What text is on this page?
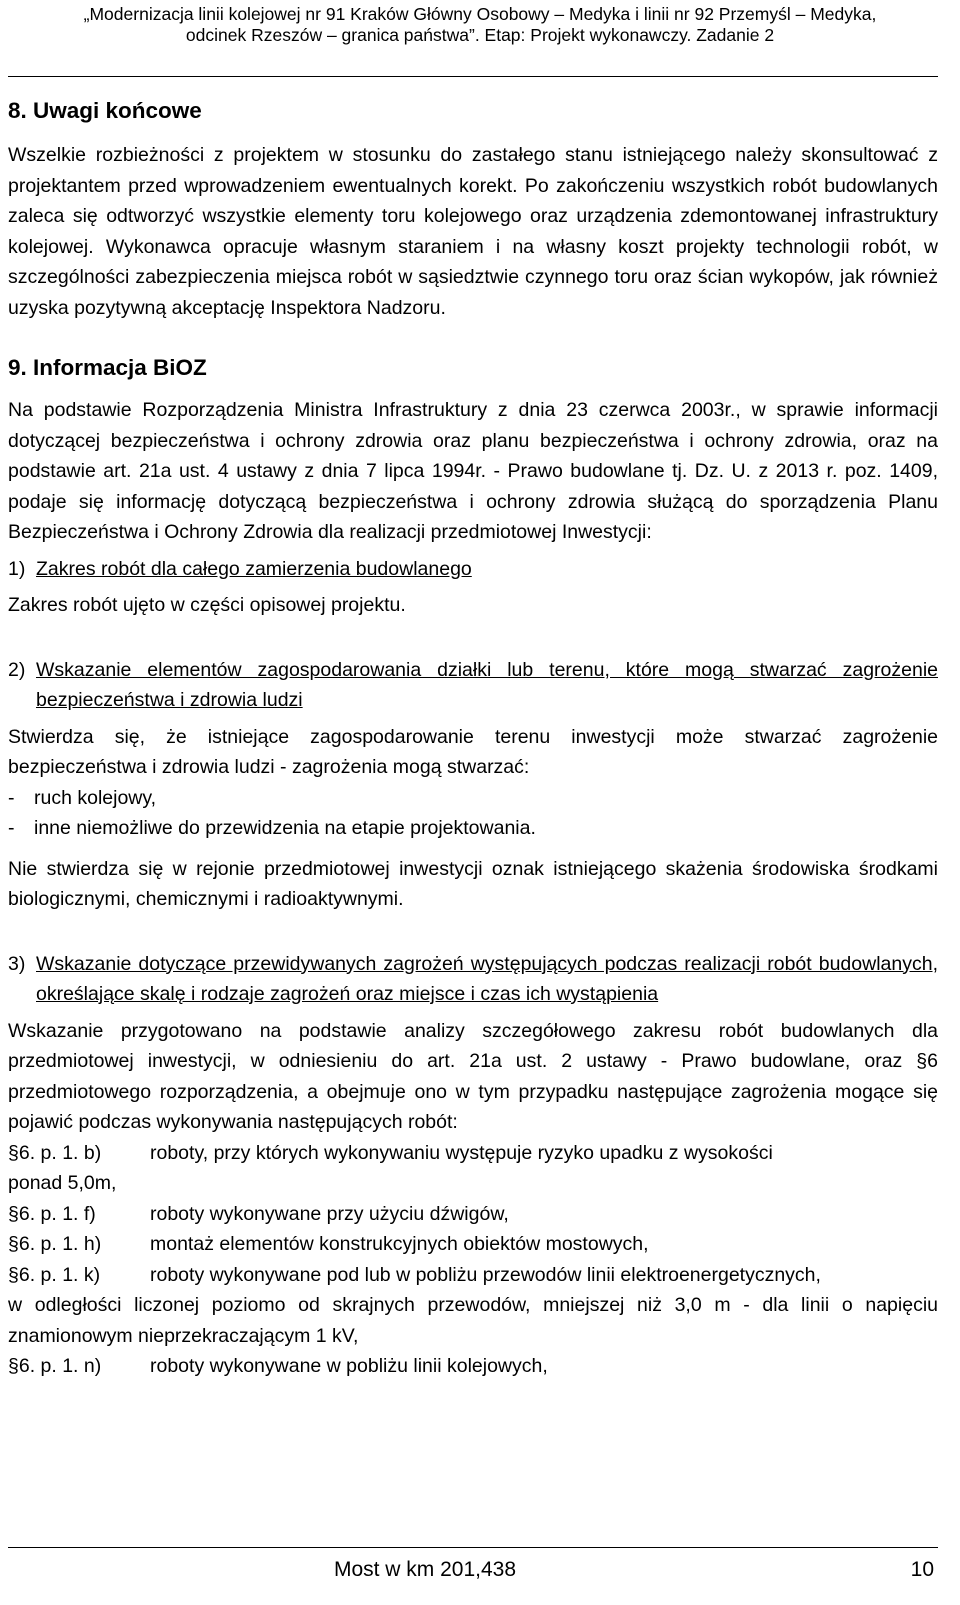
„Modernizacja linii kolejowej nr 91 Kraków Główny Osobowy – Medyka i linii nr 92 Przemyśl – Medyka,
odcinek Rzeszów – granica państwa”. Etap: Projekt wykonawczy. Zadanie 2
8. Uwagi końcowe

Wszelkie rozbieżności z projektem w stosunku do zastałego stanu istniejącego należy skonsultować z projektantem przed wprowadzeniem ewentualnych korekt. Po zakończeniu wszystkich robót budowlanych zaleca się odtworzyć wszystkie elementy toru kolejowego oraz urządzenia zdemontowanej infrastruktury kolejowej. Wykonawca opracuje własnym staraniem i na własny koszt projekty technologii robót, w szczególności zabezpieczenia miejsca robót w sąsiedztwie czynnego toru oraz ścian wykopów, jak również uzyska pozytywną akceptację Inspektora Nadzoru.

9. Informacja BiOZ

Na podstawie Rozporządzenia Ministra Infrastruktury z dnia 23 czerwca 2003r., w sprawie informacji dotyczącej bezpieczeństwa i ochrony zdrowia oraz planu bezpieczeństwa i ochrony zdrowia, oraz na podstawie art. 21a ust. 4 ustawy z dnia 7 lipca 1994r. - Prawo budowlane tj. Dz. U. z 2013 r. poz. 1409, podaje się informację dotyczącą bezpieczeństwa i ochrony zdrowia służącą do sporządzenia Planu Bezpieczeństwa i Ochrony Zdrowia dla realizacji przedmiotowej Inwestycji:

1) Zakres robót dla całego zamierzenia budowlanego

Zakres robót ujęto w części opisowej projektu.

2) Wskazanie elementów zagospodarowania działki lub terenu, które mogą stwarzać zagrożenie bezpieczeństwa i zdrowia ludzi

Stwierdza się, że istniejące zagospodarowanie terenu inwestycji może stwarzać zagrożenie bezpieczeństwa i zdrowia ludzi - zagrożenia mogą stwarzać:

-	ruch kolejowy,
-	inne niemożliwe do przewidzenia na etapie projektowania.

Nie stwierdza się w rejonie przedmiotowej inwestycji oznak istniejącego skażenia środowiska środkami biologicznymi, chemicznymi i radioaktywnymi.

3) Wskazanie dotyczące przewidywanych zagrożeń występujących podczas realizacji robót budowlanych, określające skalę i rodzaje zagrożeń oraz miejsce i czas ich wystąpienia

Wskazanie przygotowano na podstawie analizy szczegółowego zakresu robót budowlanych dla przedmiotowej inwestycji, w odniesieniu do art. 21a ust. 2 ustawy - Prawo budowlane, oraz §6 przedmiotowego rozporządzenia, a obejmuje ono w tym przypadku następujące zagrożenia mogące się pojawić podczas wykonywania następujących robót:

§6. p. 1. b)	roboty, przy których wykonywaniu występuje ryzyko upadku z wysokości
ponad 5,0m,
§6. p. 1. f)	roboty wykonywane przy użyciu dźwigów,
§6. p. 1. h)	montaż elementów konstrukcyjnych obiektów mostowych,
§6. p. 1. k)	roboty wykonywane pod lub w pobliżu przewodów linii elektroenergetycznych,
w odległości liczonej poziomo od skrajnych przewodów, mniejszej niż 3,0 m - dla linii o napięciu znamionowym nieprzekraczającym 1 kV,
§6. p. 1. n)	roboty wykonywane w pobliżu linii kolejowych,
Most w km 201,438	10
